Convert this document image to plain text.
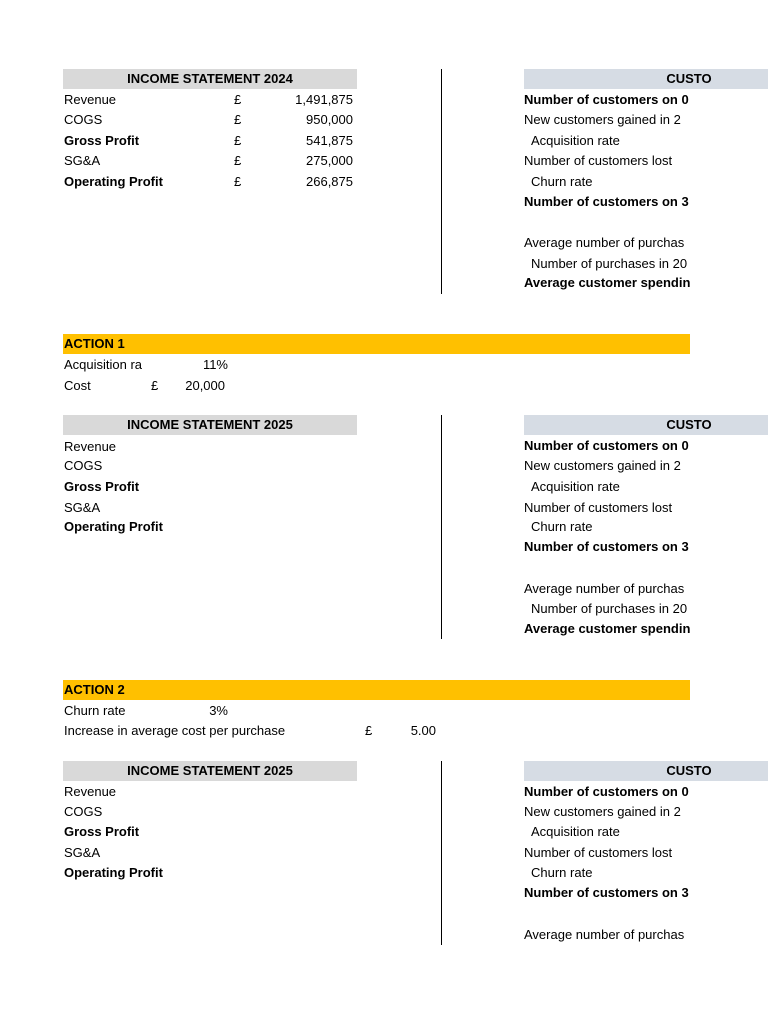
INCOME STATEMENT 2024
Revenue	£	1,491,875
COGS	£	950,000
Gross Profit	£	541,875
SG&A	£	275,000
Operating Profit	£	266,875
CUSTO
Number of customers on 0
New customers gained in 2
Acquisition rate
Number of customers lost
Churn rate
Number of customers on 3
Average number of purchas
Number of purchases in 20
Average customer spendin
ACTION 1
Acquisition ra	11%
Cost	£	20,000
INCOME STATEMENT 2025
Revenue
COGS
Gross Profit
SG&A
Operating Profit
CUSTO
Number of customers on 0
New customers gained in 2
Acquisition rate
Number of customers lost
Churn rate
Number of customers on 3
Average number of purchas
Number of purchases in 20
Average customer spendin
ACTION 2
Churn rate	3%
Increase in average cost per purchase	£	5.00
INCOME STATEMENT 2025
Revenue
COGS
Gross Profit
SG&A
Operating Profit
CUSTO
Number of customers on 0
New customers gained in 2
Acquisition rate
Number of customers lost
Churn rate
Number of customers on 3
Average number of purchas
